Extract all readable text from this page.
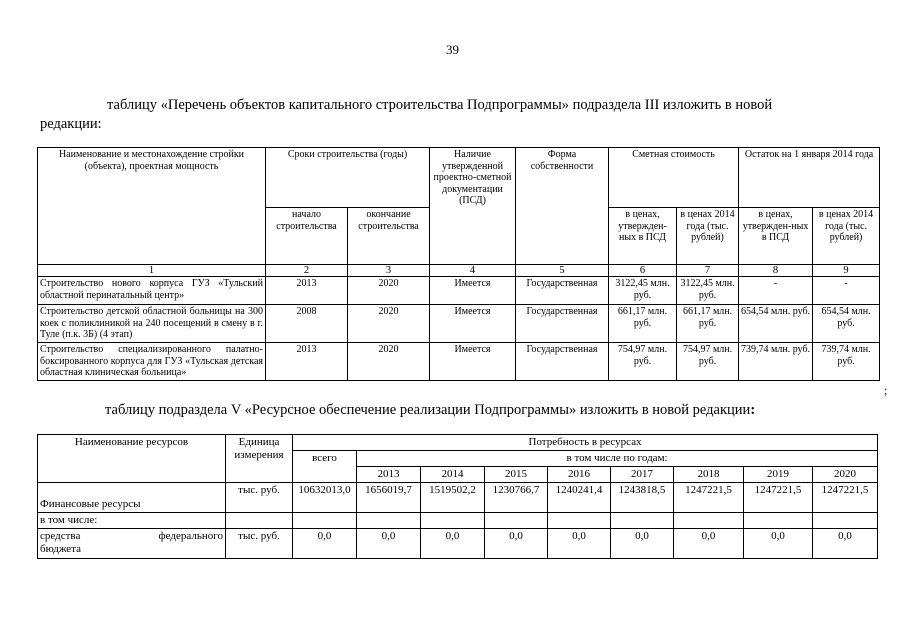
39
таблицу «Перечень объектов капитального строительства Подпрограммы» подраздела III изложить в новой
редакции:
Наименование и местонахождение стройки (объекта), проектная мощность	Сроки строительства (годы)		Наличие утвержденной проектно-сметной документации (ПСД)	Форма собственности	Сметная стоимость		Остаток на 1 января 2014 года	
	начало строительства	окончание строительства			в ценах, утвержден-ных в ПСД	в ценах 2014 года (тыс. рублей)	в ценах, утвержден-ных в ПСД	в ценах 2014 года (тыс. рублей)
1	2	3	4	5	6	7	8	9
Строительство нового корпуса ГУЗ «Тульский областной перинатальный центр»	2013	2020	Имеется	Государственная	3122,45 млн. руб.	3122,45 млн. руб.	-	-
Строительство детской областной больницы на 300 коек с поликлиникой на 240 посещений в смену в г. Туле (п.к. 3Б) (4 этап)	2008	2020	Имеется	Государственная	661,17 млн. руб.	661,17 млн. руб.	654,54 млн. руб.	654,54 млн. руб.
Строительство специализированного палатно-боксированного корпуса для ГУЗ «Тульская детская областная клиническая больница»	2013	2020	Имеется	Государственная	754,97 млн. руб.	754,97 млн. руб.	739,74 млн. руб.	739,74 млн. руб.
;
таблицу подраздела V «Ресурсное обеспечение реализации Подпрограммы» изложить в новой редакции:
Наименование ресурсов	Единица измерения	Потребность в ресурсах								
		всего	в том числе по годам:							
			2013	2014	2015	2016	2017	2018	2019	2020
Финансовые ресурсы	тыс. руб.	10632013,0	1656019,7	1519502,2	1230766,7	1240241,4	1243818,5	1247221,5	1247221,5	1247221,5
в том числе:										

средства федерального
бюджета	тыс. руб.	0,0	0,0	0,0	0,0	0,0	0,0	0,0	0,0	0,0
